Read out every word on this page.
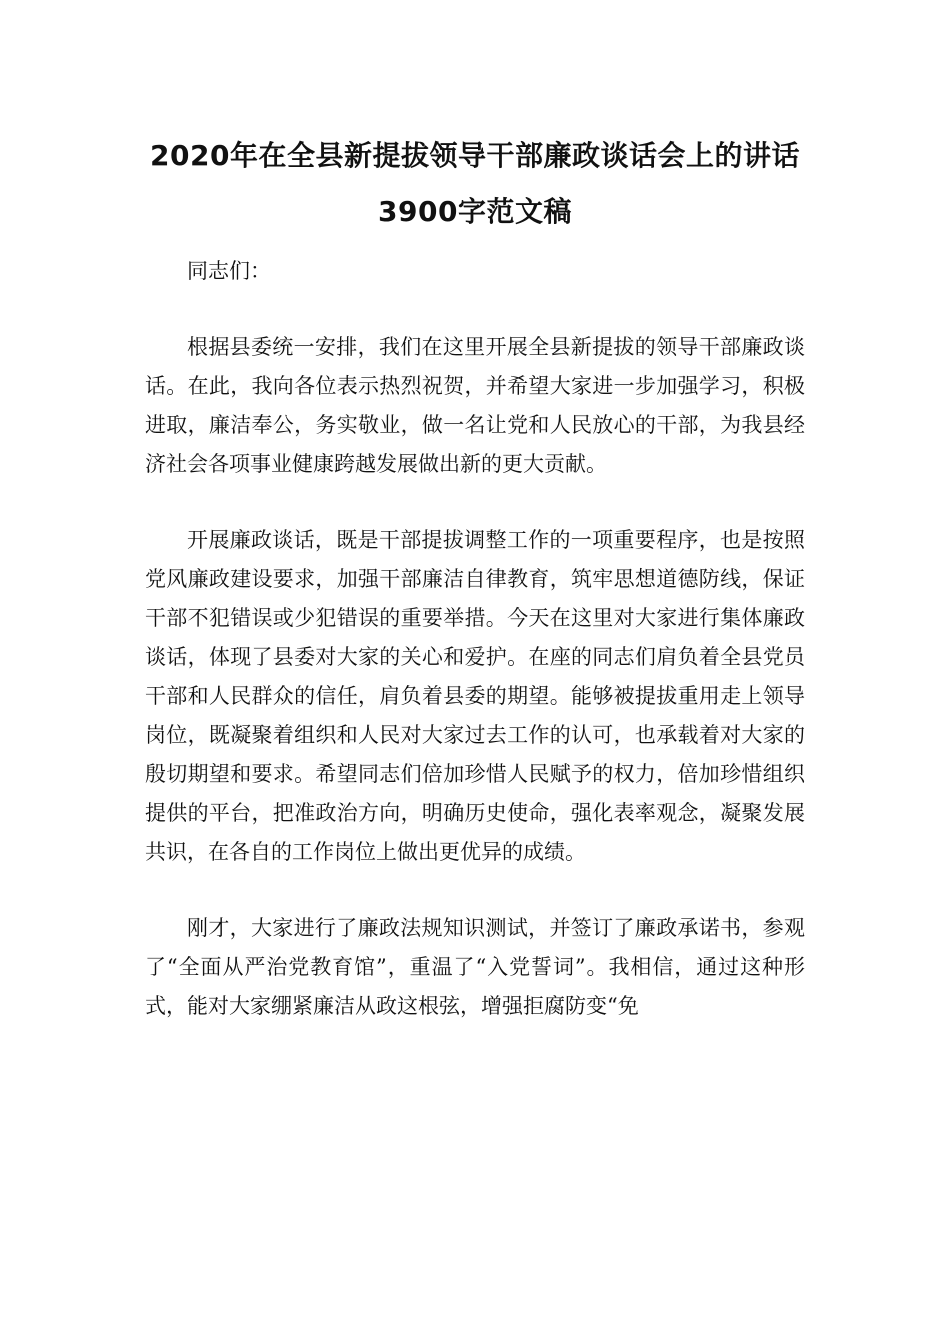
2020年在全县新提拔领导干部廉政谈话会上的讲话
3900字范文稿

同志们：

根据县委统一安排，我们在这里开展全县新提拔的领导干部廉政谈话。在此，我向各位表示热烈祝贺，并希望大家进一步加强学习，积极进取，廉洁奉公，务实敬业，做一名让党和人民放心的干部，为我县经济社会各项事业健康跨越发展做出新的更大贡献。

开展廉政谈话，既是干部提拔调整工作的一项重要程序，也是按照党风廉政建设要求，加强干部廉洁自律教育，筑牢思想道德防线，保证干部不犯错误或少犯错误的重要举措。今天在这里对大家进行集体廉政谈话，体现了县委对大家的关心和爱护。在座的同志们肩负着全县党员干部和人民群众的信任，肩负着县委的期望。能够被提拔重用走上领导岗位，既凝聚着组织和人民对大家过去工作的认可，也承载着对大家的殷切期望和要求。希望同志们倍加珍惜人民赋予的权力，倍加珍惜组织提供的平台，把准政治方向，明确历史使命，强化表率观念，凝聚发展共识，在各自的工作岗位上做出更优异的成绩。

刚才，大家进行了廉政法规知识测试，并签订了廉政承诺书，参观了“全面从严治党教育馆”，重温了“入党誓词”。我相信，通过这种形式，能对大家绷紧廉洁从政这根弦，增强拒腐防变“免
